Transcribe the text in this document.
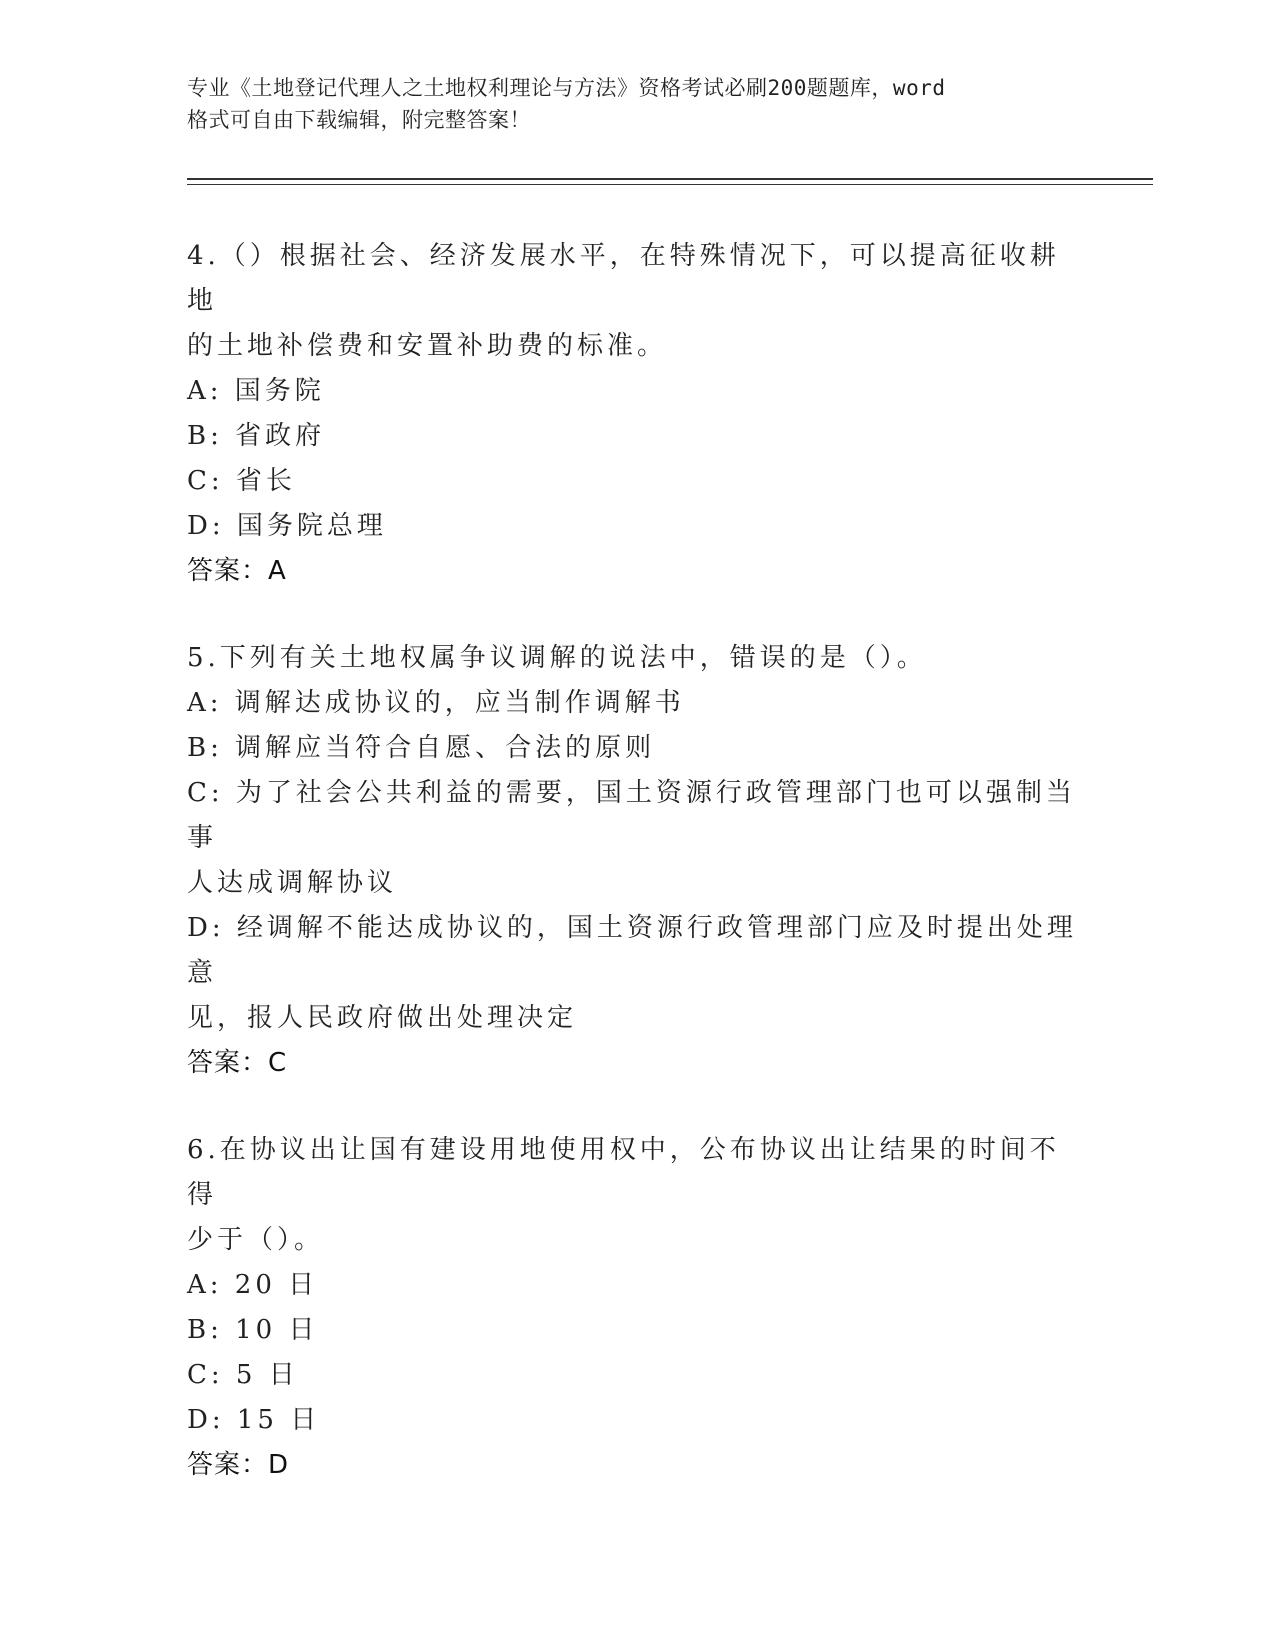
专业《土地登记代理人之土地权利理论与方法》资格考试必刷200题题库，word
格式可自由下载编辑，附完整答案！

4.（）根据社会、经济发展水平，在特殊情况下，可以提高征收耕地
的土地补偿费和安置补助费的标准。

A: 国务院

B: 省政府

C: 省长

D: 国务院总理

答案：A

5.下列有关土地权属争议调解的说法中，错误的是（）。

A: 调解达成协议的，应当制作调解书

B: 调解应当符合自愿、合法的原则

C: 为了社会公共利益的需要，国土资源行政管理部门也可以强制当事
人达成调解协议

D: 经调解不能达成协议的，国土资源行政管理部门应及时提出处理意
见，报人民政府做出处理决定

答案：C

6.在协议出让国有建设用地使用权中，公布协议出让结果的时间不得
少于（）。

A: 20 日

B: 10 日

C: 5 日

D: 15 日

答案：D
